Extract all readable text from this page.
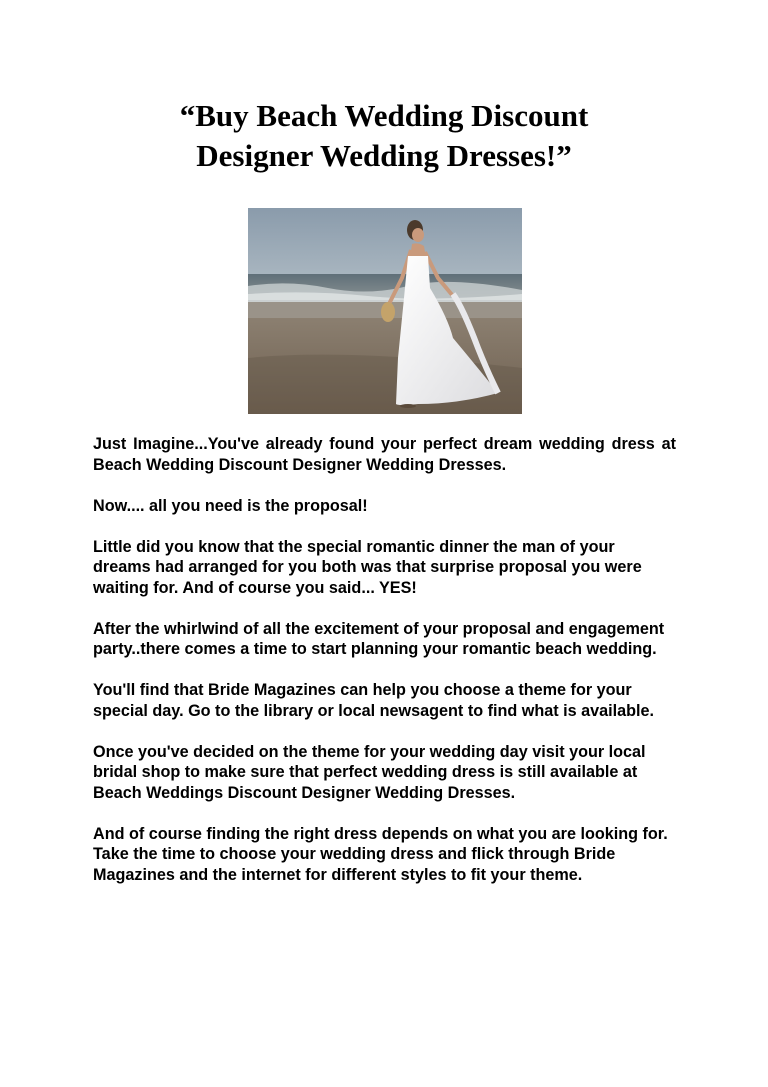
“Buy Beach Wedding Discount
Designer Wedding Dresses!”

Just Imagine...You've already found your perfect dream wedding dress at Beach Wedding Discount Designer Wedding Dresses.

Now.... all you need is the proposal!

Little did you know that the special romantic dinner the man of your dreams had arranged for you both was that surprise proposal you were waiting for. And of course you said... YES!

After the whirlwind of all the excitement of your proposal and engagement party..there comes a time to start planning your romantic beach wedding.

You'll find that Bride Magazines can help you choose a theme for your special day. Go to the library or local newsagent to find what is available.

Once you've decided on the theme for your wedding day visit your local bridal shop to make sure that perfect wedding dress is still available at Beach Weddings Discount Designer Wedding Dresses.

And of course finding the right dress depends on what you are looking for. Take the time to choose your wedding dress and flick through Bride Magazines and the internet for different styles to fit your theme.
